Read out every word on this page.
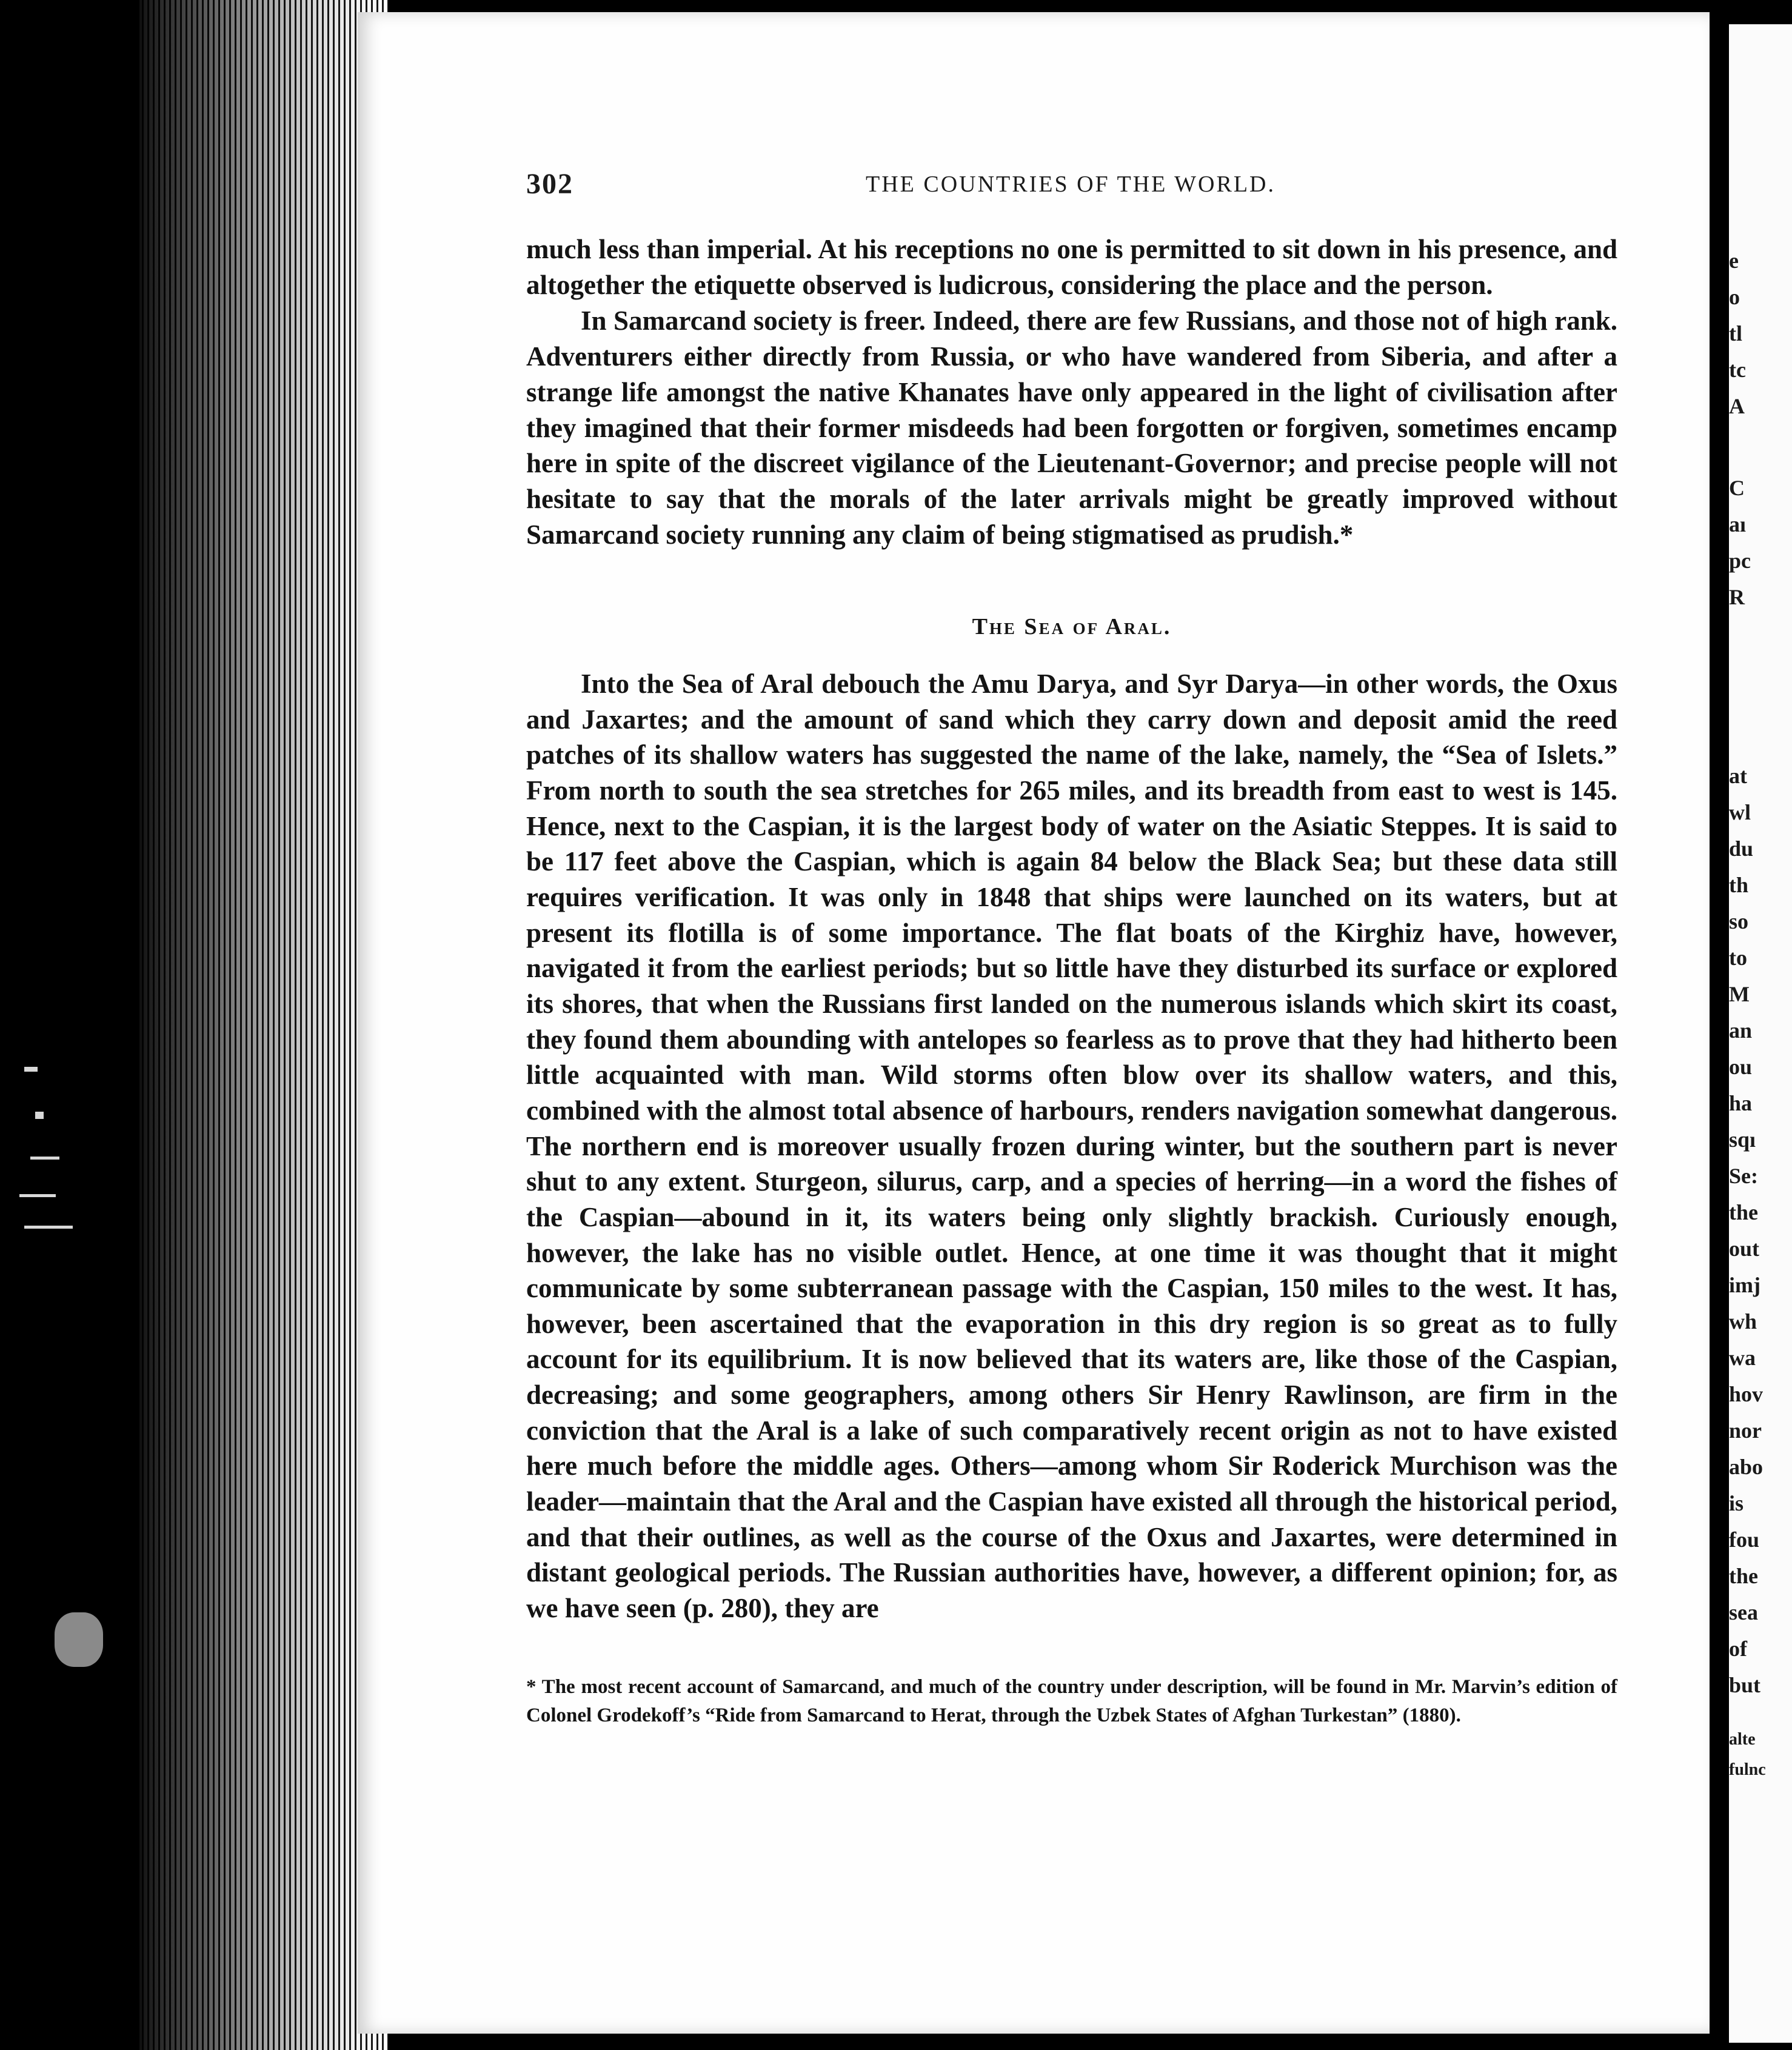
302	THE COUNTRIES OF THE WORLD.

much less than imperial. At his receptions no one is permitted to sit down in his presence, and altogether the etiquette observed is ludicrous, considering the place and the person.

In Samarcand society is freer. Indeed, there are few Russians, and those not of high rank. Adventurers either directly from Russia, or who have wandered from Siberia, and after a strange life amongst the native Khanates have only appeared in the light of civilisation after they imagined that their former misdeeds had been forgotten or forgiven, sometimes encamp here in spite of the discreet vigilance of the Lieutenant-Governor; and precise people will not hesitate to say that the morals of the later arrivals might be greatly improved without Samarcand society running any claim of being stigmatised as prudish.*

The Sea of Aral.

Into the Sea of Aral debouch the Amu Darya, and Syr Darya—in other words, the Oxus and Jaxartes; and the amount of sand which they carry down and deposit amid the reed patches of its shallow waters has suggested the name of the lake, namely, the “Sea of Islets.” From north to south the sea stretches for 265 miles, and its breadth from east to west is 145. Hence, next to the Caspian, it is the largest body of water on the Asiatic Steppes. It is said to be 117 feet above the Caspian, which is again 84 below the Black Sea; but these data still requires verification. It was only in 1848 that ships were launched on its waters, but at present its flotilla is of some importance. The flat boats of the Kirghiz have, however, navigated it from the earliest periods; but so little have they disturbed its surface or explored its shores, that when the Russians first landed on the numerous islands which skirt its coast, they found them abounding with antelopes so fearless as to prove that they had hitherto been little acquainted with man. Wild storms often blow over its shallow waters, and this, combined with the almost total absence of harbours, renders navigation somewhat dangerous. The northern end is moreover usually frozen during winter, but the southern part is never shut to any extent. Sturgeon, silurus, carp, and a species of herring—in a word the fishes of the Caspian—abound in it, its waters being only slightly brackish. Curiously enough, however, the lake has no visible outlet. Hence, at one time it was thought that it might communicate by some subterranean passage with the Caspian, 150 miles to the west. It has, however, been ascertained that the evaporation in this dry region is so great as to fully account for its equilibrium. It is now believed that its waters are, like those of the Caspian, decreasing; and some geographers, among others Sir Henry Rawlinson, are firm in the conviction that the Aral is a lake of such comparatively recent origin as not to have existed here much before the middle ages. Others—among whom Sir Roderick Murchison was the leader—maintain that the Aral and the Caspian have existed all through the historical period, and that their outlines, as well as the course of the Oxus and Jaxartes, were determined in distant geological periods. The Russian authorities have, however, a different opinion; for, as we have seen (p. 280), they are

* The most recent account of Samarcand, and much of the country under description, will be found in Mr. Marvin’s edition of Colonel Grodekoff’s “Ride from Samarcand to Herat, through the Uzbek States of Afghan Turkestan” (1880).
e
o
tl
tc
A
C
aı
pc
R
at
wl
du
th
so
to
M
an
ou
ha
sqı
Se:
the
out
imj
wh
wa
hov
nor
abo
is
fou
the
sea
of
but
alte
fulnc
